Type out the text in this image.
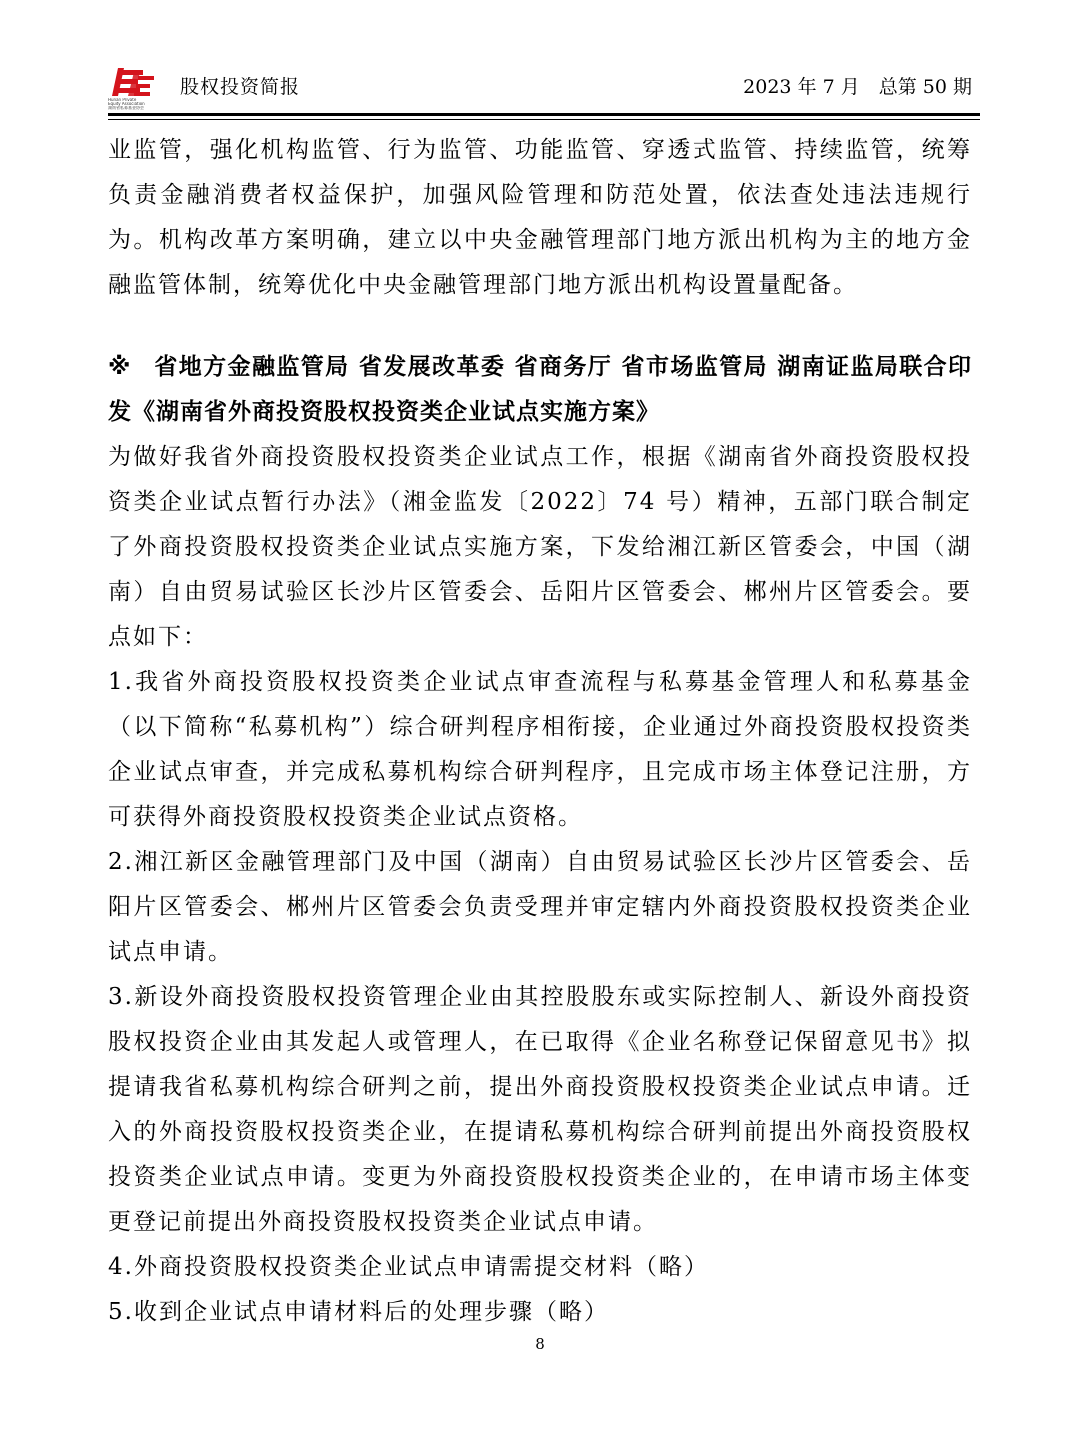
Hunan Private
Equity Association
湖南省私募基金协会
股权投资简报	2023 年 7 月　总第 50 期

业监管，强化机构监管、行为监管、功能监管、穿透式监管、持续监管，统筹负责金融消费者权益保护，加强风险管理和防范处置，依法查处违法违规行为。机构改革方案明确，建立以中央金融管理部门地方派出机构为主的地方金融监管体制，统筹优化中央金融管理部门地方派出机构设置量配备。

※ 省地方金融监管局 省发展改革委 省商务厅 省市场监管局 湖南证监局联合印发《湖南省外商投资股权投资类企业试点实施方案》

为做好我省外商投资股权投资类企业试点工作，根据《湖南省外商投资股权投资类企业试点暂行办法》（湘金监发〔2022〕74 号）精神，五部门联合制定了外商投资股权投资类企业试点实施方案，下发给湘江新区管委会，中国（湖南）自由贸易试验区长沙片区管委会、岳阳片区管委会、郴州片区管委会。要点如下：

1.我省外商投资股权投资类企业试点审查流程与私募基金管理人和私募基金（以下简称“私募机构”）综合研判程序相衔接，企业通过外商投资股权投资类企业试点审查，并完成私募机构综合研判程序，且完成市场主体登记注册，方可获得外商投资股权投资类企业试点资格。

2.湘江新区金融管理部门及中国（湖南）自由贸易试验区长沙片区管委会、岳阳片区管委会、郴州片区管委会负责受理并审定辖内外商投资股权投资类企业试点申请。

3.新设外商投资股权投资管理企业由其控股股东或实际控制人、新设外商投资股权投资企业由其发起人或管理人，在已取得《企业名称登记保留意见书》拟提请我省私募机构综合研判之前，提出外商投资股权投资类企业试点申请。迁入的外商投资股权投资类企业，在提请私募机构综合研判前提出外商投资股权投资类企业试点申请。变更为外商投资股权投资类企业的，在申请市场主体变更登记前提出外商投资股权投资类企业试点申请。

4.外商投资股权投资类企业试点申请需提交材料（略）

5.收到企业试点申请材料后的处理步骤（略）

8
